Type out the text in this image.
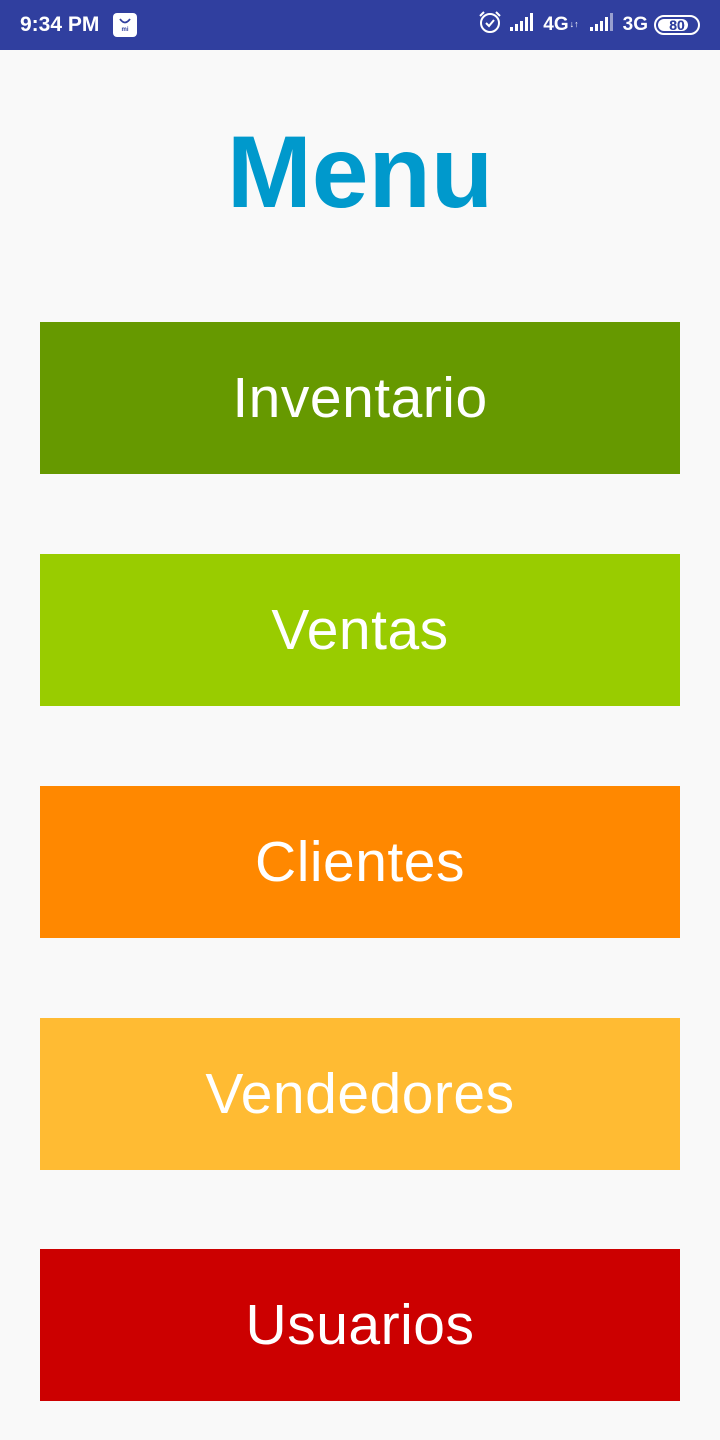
9:34 PM	mi	4G ↓↑ 3G 80
Menu
Inventario
Ventas
Clientes
Vendedores
Usuarios
